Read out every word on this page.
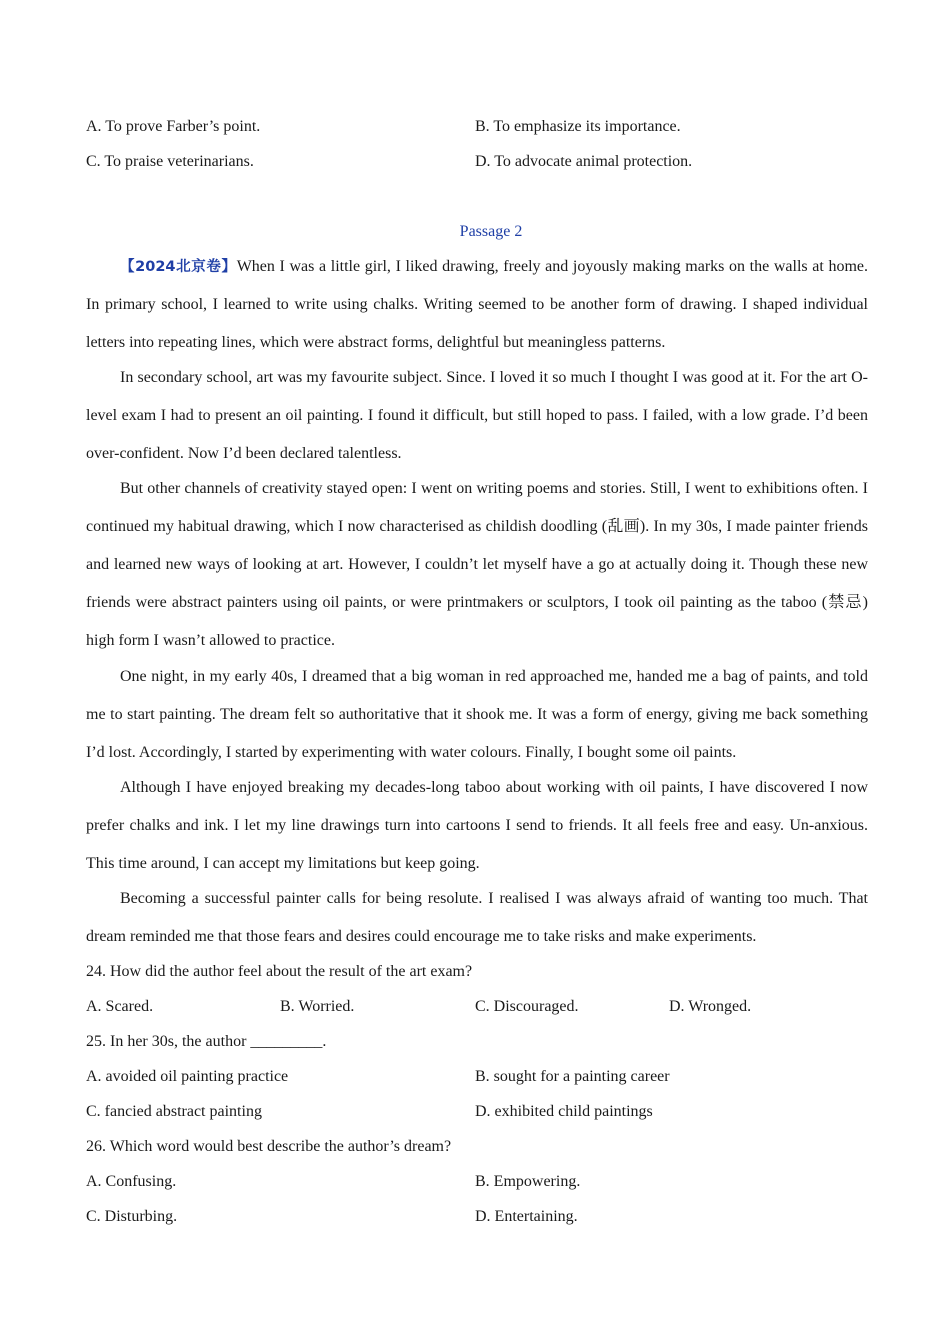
A. To prove Farber’s point.	B. To emphasize its importance.
C. To praise veterinarians.	D. To advocate animal protection.
Passage 2

【2024北京卷】When I was a little girl, I liked drawing, freely and joyously making marks on the walls at home. In primary school, I learned to write using chalks. Writing seemed to be another form of drawing. I shaped individual letters into repeating lines, which were abstract forms, delightful but meaningless patterns.

In secondary school, art was my favourite subject. Since. I loved it so much I thought I was good at it. For the art O-level exam I had to present an oil painting. I found it difficult, but still hoped to pass. I failed, with a low grade. I’d been over-confident. Now I’d been declared talentless.

But other channels of creativity stayed open: I went on writing poems and stories. Still, I went to exhibitions often. I continued my habitual drawing, which I now characterised as childish doodling (乱画). In my 30s, I made painter friends and learned new ways of looking at art. However, I couldn’t let myself have a go at actually doing it. Though these new friends were abstract painters using oil paints, or were printmakers or sculptors, I took oil painting as the taboo (禁忌) high form I wasn’t allowed to practice.

One night, in my early 40s, I dreamed that a big woman in red approached me, handed me a bag of paints, and told me to start painting. The dream felt so authoritative that it shook me. It was a form of energy, giving me back something I’d lost. Accordingly, I started by experimenting with water colours. Finally, I bought some oil paints.

Although I have enjoyed breaking my decades-long taboo about working with oil paints, I have discovered I now prefer chalks and ink. I let my line drawings turn into cartoons I send to friends. It all feels free and easy. Un-anxious. This time around, I can accept my limitations but keep going.

Becoming a successful painter calls for being resolute. I realised I was always afraid of wanting too much. That dream reminded me that those fears and desires could encourage me to take risks and make experiments.

24. How did the author feel about the result of the art exam?
A. Scared.	B. Worried.	C. Discouraged.	D. Wronged.
25. In her 30s, the author _________.
A. avoided oil painting practice	B. sought for a painting career
C. fancied abstract painting	D. exhibited child paintings
26. Which word would best describe the author’s dream?
A. Confusing.	B. Empowering.
C. Disturbing.	D. Entertaining.
